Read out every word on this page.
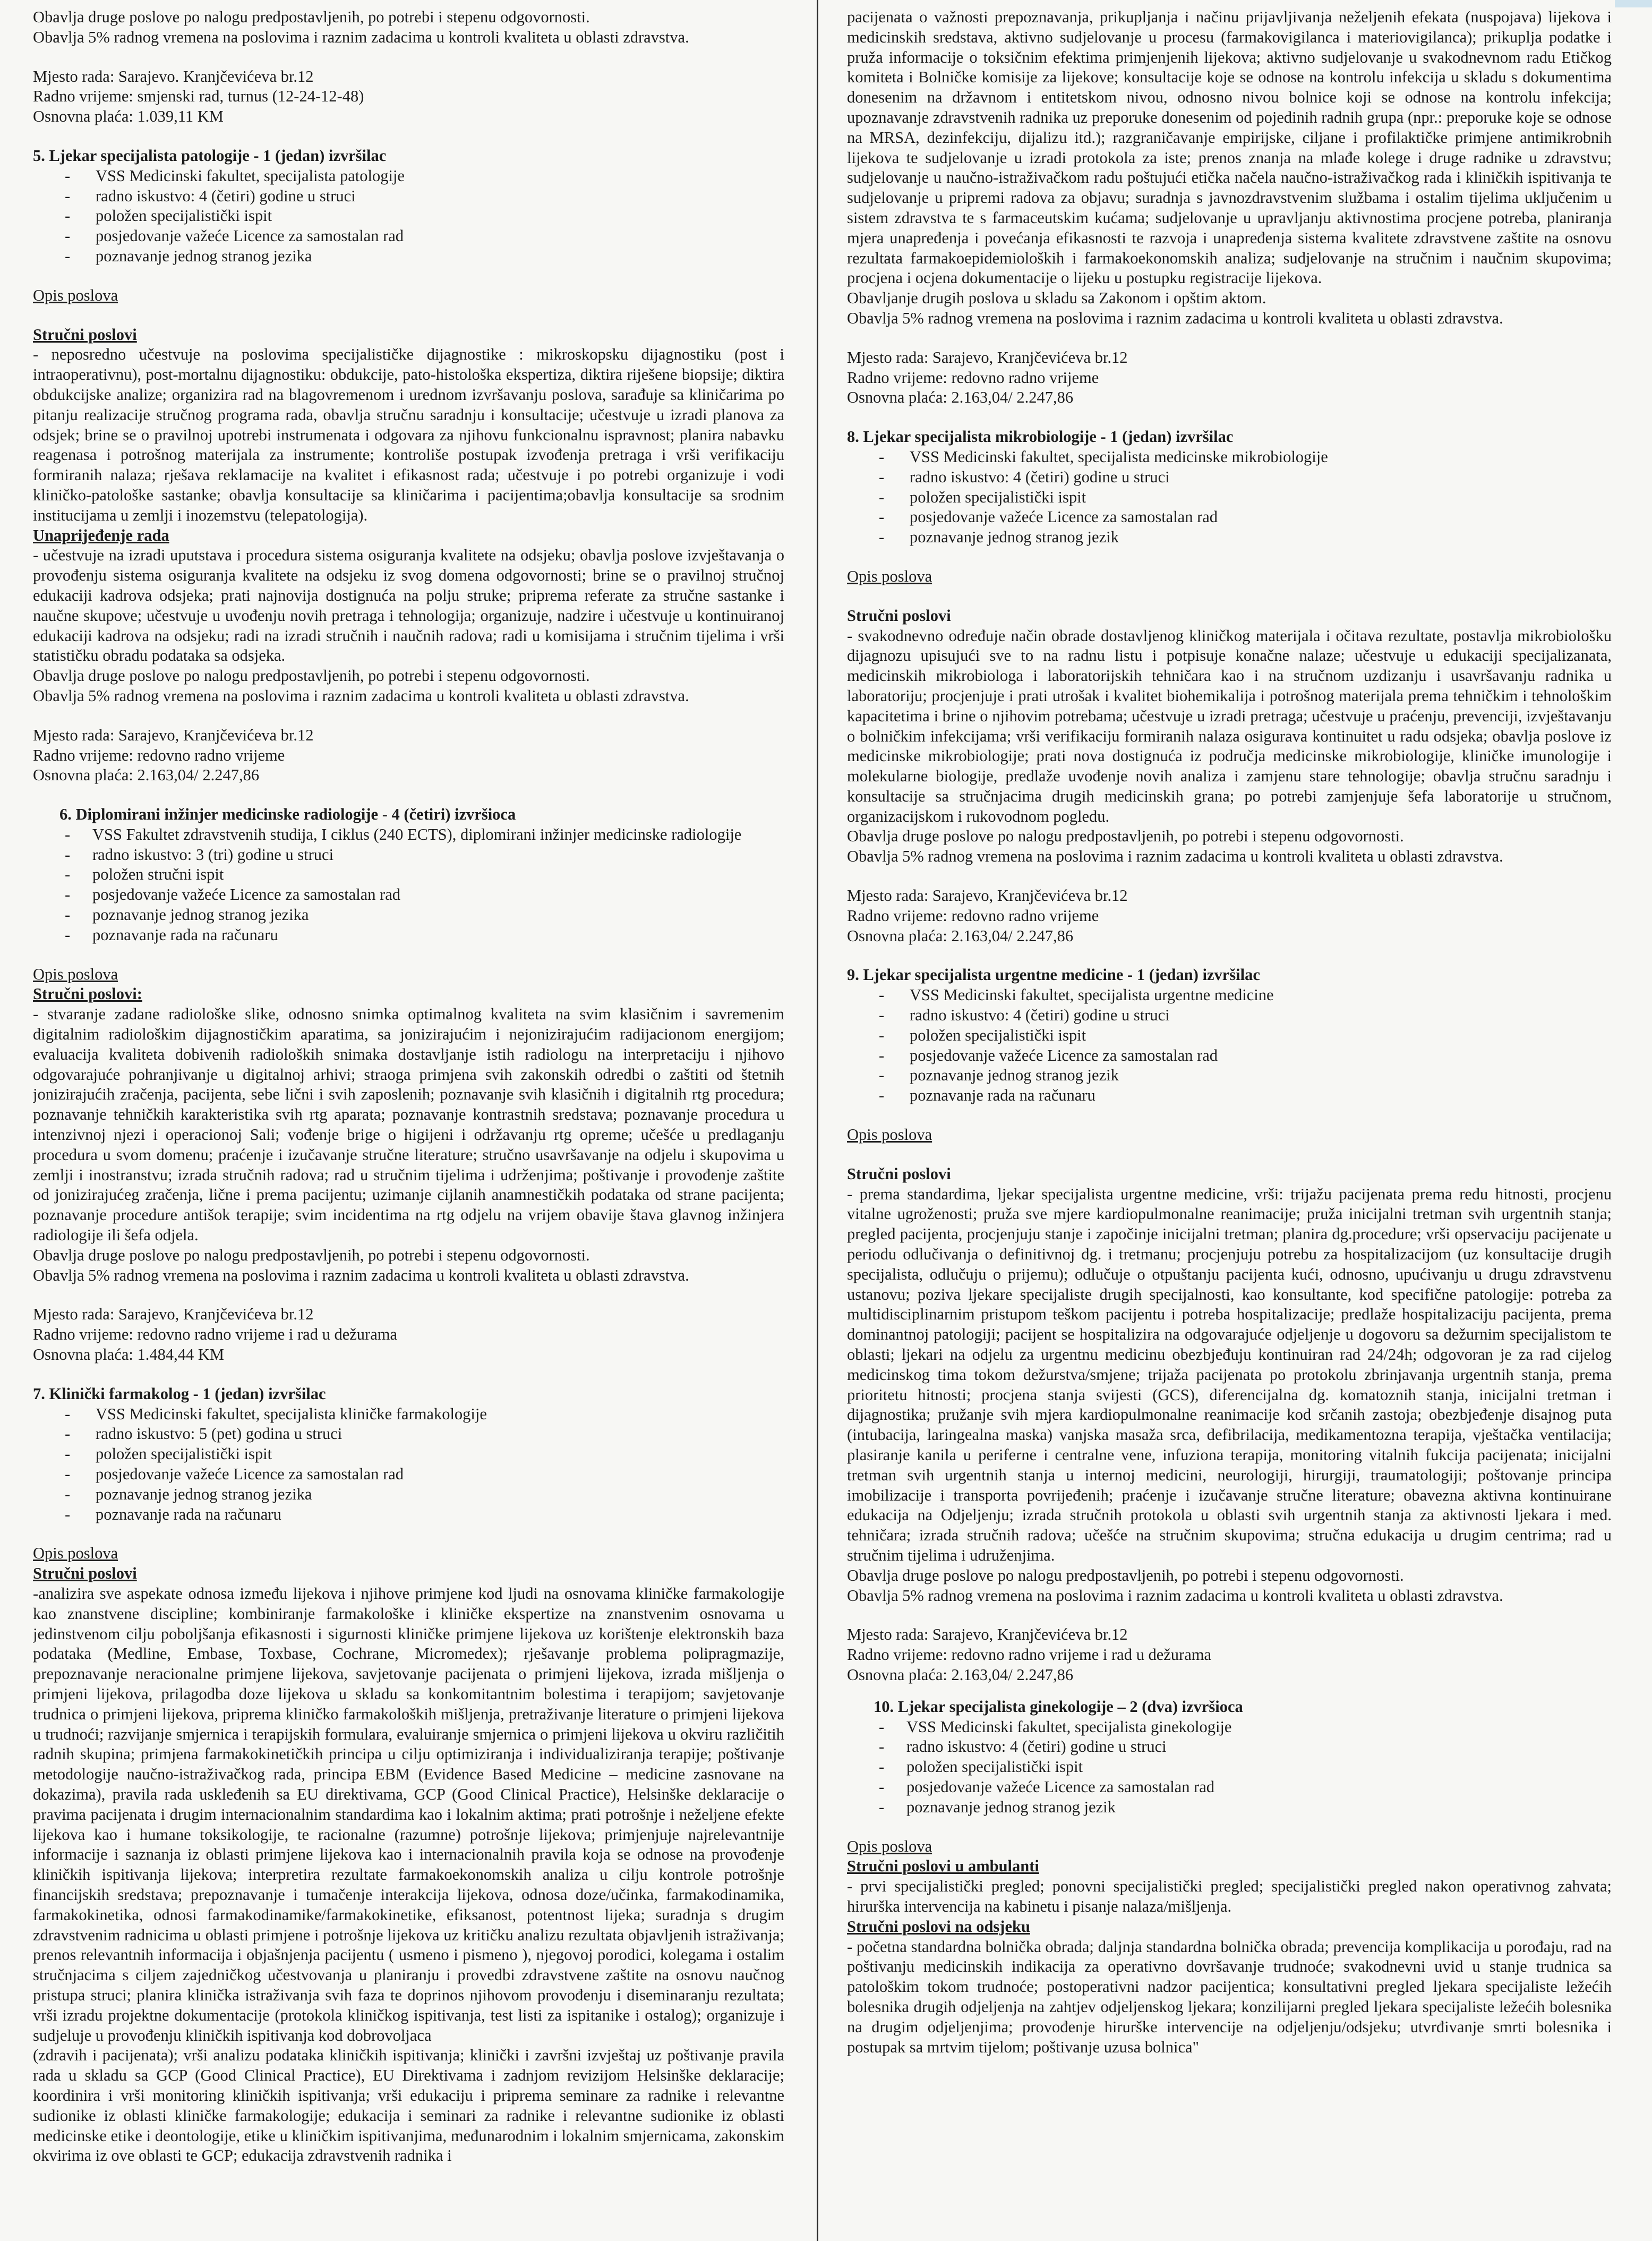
Obavlja druge poslove po nalogu predpostavljenih, po potrebi i stepenu odgovornosti.

Obavlja 5% radnog vremena na poslovima i raznim zadacima u kontroli kvaliteta u oblasti zdravstva.

Mjesto rada: Sarajevo. Kranjčevićeva br.12

Radno vrijeme: smjenski rad, turnus (12-24-12-48)

Osnovna plaća: 1.039,11 KM

5. Ljekar specijalista patologije - 1 (jedan) izvršilac

- VSS Medicinski fakultet, specijalista patologije
- radno iskustvo: 4 (četiri) godine u struci
- položen specijalistički ispit
- posjedovanje važeće Licence za samostalan rad
- poznavanje jednog stranog jezika

Opis poslova

Stručni poslovi

- neposredno učestvuje na poslovima specijalističke dijagnostike : mikroskopsku dijagnostiku (post i intraoperativnu), post-mortalnu dijagnostiku: obdukcije, pato-histološka ekspertiza, diktira riješene biopsije; diktira obdukcijske analize; organizira rad na blagovremenom i urednom izvršavanju poslova, sarađuje sa kliničarima po pitanju realizacije stručnog programa rada, obavlja stručnu saradnju i konsultacije; učestvuje u izradi planova za odsjek; brine se o pravilnoj upotrebi instrumenata i odgovara za njihovu funkcionalnu ispravnost; planira nabavku reagenasa i potrošnog materijala za instrumente; kontroliše postupak izvođenja pretraga i vrši verifikaciju formiranih nalaza; rješava reklamacije na kvalitet i efikasnost rada; učestvuje i po potrebi organizuje i vodi kliničko-patološke sastanke; obavlja konsultacije sa kliničarima i pacijentima;obavlja konsultacije sa srodnim institucijama u zemlji i inozemstvu (telepatologija).

Unapriјeđenje rada

- učestvuje na izradi uputstava i procedura sistema osiguranja kvalitete na odsjeku; obavlja poslove izvještavanja o provođenju sistema osiguranja kvalitete na odsjeku iz svog domena odgovornosti; brine se o pravilnoj stručnoj edukaciji kadrova odsjeka; prati najnovija dostignuća na polju struke; pripremа referate za stručne sastanke i naučne skupove; učestvuje u uvođenju novih pretraga i tehnologija; organizuje, nadzire i učestvuje u kontinuiranoj edukaciji kadrova na odsjeku; radi na izradi stručnih i naučnih radova; radi u komisijama i stručnim tijelima i vrši statističku obradu podataka sa odsjeka.

Obavlja druge poslove po nalogu predpostavljenih, po potrebi i stepenu odgovornosti.

Obavlja 5% radnog vremena na poslovima i raznim zadacima u kontroli kvaliteta u oblasti zdravstva.

Mjesto rada: Sarajevo, Kranjčevićeva br.12

Radno vrijeme: redovno radno vrijeme

Osnovna plaća: 2.163,04/ 2.247,86

6. Diplomirani inžinjer medicinske radiologije - 4 (četiri) izvršioca

- VSS Fakultet zdravstvenih studija, I ciklus (240 ECTS), diplomirani inžinjer medicinske radiologije
- radno iskustvo: 3 (tri) godine u struci
- položen stručni ispit
- posjedovanje važeće Licence za samostalan rad
- poznavanje jednog stranog jezika
- poznavanje rada na računaru

Opis poslova

Stručni poslovi:

- stvaranje zadane radiološke slike, odnosno snimka optimalnog kvaliteta na svim klasičnim i savremenim digitalnim radiološkim dijagnostičkim aparatima, sa jonizirajućim i nejonizirajućim radijacionom energijom; evaluacija kvaliteta dobivenih radioloških snimaka dostavljanje istih radiologu na interpretaciju i njihovo odgovarajuće pohranjivanje u digitalnoj arhivi; straoga primjena svih zakonskih odredbi o zaštiti od štetnih jonizirajućih zračenja, pacijenta, sebe lični i svih zaposlenih; poznavanje svih klasičnih i digitalnih rtg procedura; poznavanje tehničkih karakteristika svih rtg aparata; poznavanje kontrastnih sredstava; poznavanje procedura u intenzivnoj njezi i operacionoj Sali; vođenje brige o higijeni i održavanju rtg opreme; učešće u predlaganju procedura u svom domenu; praćenje i izučavanje stručne literature; stručno usavršavanje na odjelu i skupovima u zemlji i inostranstvu; izrada stručnih radova; rad u stručnim tijelima i udrženjima; poštivanje i provođenje zaštite od jonizirajućeg zračenja, lične i prema pacijentu; uzimanje cijlanih anamnestičkih podataka od strane pacijenta; poznavanje procedure antišok terapije; svim incidentima na rtg odjelu na vrijem obavije štava glavnog inžinjera radiologije ili šefa odjela.

Obavlja druge poslove po nalogu predpostavljenih, po potrebi i stepenu odgovornosti.

Obavlja 5% radnog vremena na poslovima i raznim zadacima u kontroli kvaliteta u oblasti zdravstva.

Mjesto rada: Sarajevo, Kranjčevićeva br.12

Radno vrijeme: redovno radno vrijeme i rad u dežurama

Osnovna plaća: 1.484,44 KM

7. Klinički farmakolog - 1 (jedan) izvršilac

- VSS Medicinski fakultet, specijalista kliničke farmakologije
- radno iskustvo: 5 (pet) godina u struci
- položen specijalistički ispit
- posjedovanje važeće Licence za samostalan rad
- poznavanje jednog stranog jezika
- poznavanje rada na računaru

Opis poslova

Stručni poslovi

-analizira sve aspekate odnosa između lijekova i njihove primjene kod ljudi na osnovama kliničke farmakologije kao znanstvene discipline; kombiniranje farmakološke i kliničke ekspertize na znanstvenim osnovama u jedinstvenom cilju poboljšanja efikasnosti i sigurnosti kliničke primjene lijekova uz korištenje elektronskih baza podataka (Medline, Embase, Toxbase, Cochrane, Micromedex); rješavanje problema polipragmazije, prepoznavanje neracionalne primjene lijekova, savjetovanje pacijenata o primjeni lijekova, izrada mišljenja o primjeni lijekova, prilagodba doze lijekova u skladu sa konkomitantnim bolestima i terapijom; savjetovanje trudnica o primjeni lijekova, priprema kliničko farmakoloških mišljenja, pretraživanje literature o primjeni lijekova u trudnoći; razvijanje smjernica i terapijskih formulara, evaluiranje smjernica o primjeni lijekova u okviru različitih radnih skupina; primjena farmakokinetičkih principa u cilju optimiziranja i individualiziranja terapije; poštivanje metodologije naučno-istraživačkog rada, principa EBM (Evidence Based Medicine – medicine zasnovane na dokazima), pravila rada uskleđenih sa EU direktivama, GCP (Good Clinical Practice), Helsinške deklaracije o pravima pacijenata i drugim internacionalnim standardima kao i lokalnim aktima; prati potrošnje i neželjene efekte lijekova kao i humane toksikologije, te racionalne (razumne) potrošnje lijekova; primjenjuje najrelevantnije informacije i saznanja iz oblasti primjene lijekova kao i internacionalnih pravila koja se odnose na provođenje kliničkih ispitivanja lijekova; interpretira rezultate farmakoekonomskih analiza u cilju kontrole potrošnje financijskih sredstava; prepoznavanje i tumačenje interakcija lijekova, odnosa doze/učinka, farmakodinamika, farmakokinetika, odnosi farmakodinamike/farmakokinetike, efiksanost, potentnost lijeka; suradnja s drugim zdravstvenim radnicima u oblasti primjene i potrošnje lijekova uz kritičku analizu rezultata objavljenih istraživanja; prenos relevantnih informacija i objašnjenja pacijentu ( usmeno i pismeno ), njegovoj porodici, kolegama i ostalim stručnjacima s ciljem zajedničkog učestvovanja u planiranju i provedbi zdravstvene zaštite na osnovu naučnog pristupa struci; planira klinička istraživanja svih faza te doprinos njihovom provođenju i diseminaranju rezultata; vrši izradu projektne dokumentacije (protokola kliničkog ispitivanja, test listi za ispitanike i ostalog); organizuje i sudjeluje u provođenju kliničkih ispitivanja kod dobrovoljaca

(zdravih i pacijenata); vrši analizu podataka kliničkih ispitivanja; klinički i završni izvještaj uz poštivanje pravila rada u skladu sa GCP (Good Clinical Practice), EU Direktivama i zadnjom revizijom Helsinške deklaracije; koordinira i vrši monitoring kliničkih ispitivanja; vrši edukaciju i priprema seminare za radnike i relevantne sudionike iz oblasti kliničke farmakologije; edukacija i seminari za radnike i relevantne sudionike iz oblasti medicinske etike i deontologije, etike u kliničkim ispitivanjima, međunarodnim i lokalnim smjernicama, zakonskim okvirima iz ove oblasti te GCP; edukacija zdravstvenih radnika i

pacijenata o važnosti prepoznavanja, prikupljanja i načinu prijavljivanja neželjenih efekata (nuspojava) lijekova i medicinskih sredstava, aktivno sudjelovanje u procesu (farmakovigilanca i materiovigilanca); prikuplja podatke i pruža informacije o toksičnim efektima primjenjenih lijekova; aktivno sudjelovanje u svakodnevnom radu Etičkog komiteta i Bolničke komisije za lijekove; konsultacije koje se odnose na kontrolu infekcija u skladu s dokumentima donesenim na državnom i entitetskom nivou, odnosno nivou bolnice koji se odnose na kontrolu infekcija; upoznavanje zdravstvenih radnika uz preporuke donesenim od pojedinih radnih grupa (npr.: preporuke koje se odnose na MRSA, dezinfekciju, dijalizu itd.); razgraničavanje empirijske, ciljane i profilaktičke primjene antimikrobnih lijekova te sudjelovanje u izradi protokola za iste; prenos znanja na mlađe kolege i druge radnike u zdravstvu; sudjelovanje u naučno-istraživačkom radu poštujući etička načela naučno-istraživačkog rada i kliničkih ispitivanja te sudjelovanje u pripremi radova za objavu; suradnja s javnozdravstvenim službama i ostalim tijelima uključenim u sistem zdravstva te s farmaceutskim kućama; sudjelovanje u upravljanju aktivnostima procjene potreba, planiranja mjera unapređenja i povećanja efikasnosti te razvoja i unapređenja sistema kvalitete zdravstvene zaštite na osnovu rezultata farmakoepidemioloških i farmakoekonomskih analiza; sudjelovanje na stručnim i naučnim skupovima; procjena i ocjena dokumentacije o lijeku u postupku registracije lijekova.

Obavljanje drugih poslova u skladu sa Zakonom i opštim aktom.

Obavlja 5% radnog vremena na poslovima i raznim zadacima u kontroli kvaliteta u oblasti zdravstva.

Mjesto rada: Sarajevo, Kranjčevićeva br.12

Radno vrijeme: redovno radno vrijeme

Osnovna plaća: 2.163,04/ 2.247,86

8. Ljekar specijalista mikrobiologije - 1 (jedan) izvršilac

- VSS Medicinski fakultet, specijalista medicinske mikrobiologije
- radno iskustvo: 4 (četiri) godine u struci
- položen specijalistički ispit
- posjedovanje važeće Licence za samostalan rad
- poznavanje jednog stranog jezik

Opis poslova

Stručni poslovi

- svakodnevno određuje način obrade dostavljenog kliničkog materijala i očitava rezultate, postavlja mikrobiološku dijagnozu upisujući sve to na radnu listu i potpisuje konačne nalaze; učestvuje u edukaciji specijalizanata, medicinskih mikrobiologa i laboratorijskih tehničara kao i na stručnom uzdizanju i usavršavanju radnika u laboratoriju; procjenjuje i prati utrošak i kvalitet biohemikalija i potrošnog materijala prema tehničkim i tehnološkim kapacitetima i brine o njihovim potrebama; učestvuje u izradi pretraga; učestvuje u praćenju, prevenciji, izvještavanju o bolničkim infekcijama; vrši verifikaciju formiranih nalaza osiguravа kontinuitet u radu odsjeka; obavlja poslove iz medicinske mikrobiologije; prati nova dostignuća iz područja medicinske mikrobiologije, kliničke imunologije i molekularne biologije, predlaže uvođenje novih analiza i zamjenu stare tehnologije; obavlja stručnu saradnju i konsultacije sa stručnjacima drugih medicinskih grana; po potrebi zamjenjuje šefa laboratorije u stručnom, organizacijskom i rukovodnom pogledu.

Obavlja druge poslove po nalogu predpostavljenih, po potrebi i stepenu odgovornosti.

Obavlja 5% radnog vremena na poslovima i raznim zadacima u kontroli kvaliteta u oblasti zdravstva.

Mjesto rada: Sarajevo, Kranjčevićeva br.12

Radno vrijeme: redovno radno vrijeme

Osnovna plaća: 2.163,04/ 2.247,86

9. Ljekar specijalista urgentne medicine - 1 (jedan) izvršilac

- VSS Medicinski fakultet, specijalista urgentne medicine
- radno iskustvo: 4 (četiri) godine u struci
- položen specijalistički ispit
- posjedovanje važeće Licence za samostalan rad
- poznavanje jednog stranog jezik
- poznavanje rada na računaru

Opis poslova

Stručni poslovi

- prema standardima, ljekar specijalista urgentne medicine, vrši: trijažu pacijenata prema redu hitnosti, procjenu vitalne ugroženosti; pruža sve mjere kardiopulmonalne reanimacije; pruža inicijalni tretman svih urgentnih stanja; pregled pacijenta, procjenjuju stanje i započinje inicijalni tretman; planira dg.procedure; vrši opservaciju pacijenate u periodu odlučivanja o definitivnoj dg. i tretmanu; procjenjuju potrebu za hospitalizacijom (uz konsultacije drugih specijalista, odlučuju o prijemu); odlučuje o otpuštanju pacijenta kući, odnosno, upućivanju u drugu zdravstvenu ustanovu; poziva ljekare specijaliste drugih specijalnosti, kao konsultante, kod specifične patologije: potreba za multidisciplinarnim pristupom teškom pacijentu i potreba hospitalizacije; predlaže hospitalizaciju pacijenta, prema dominantnoj patologiji; pacijent se hospitalizira na odgovarajuće odjeljenje u dogovoru sa dežurnim specijalistom te oblasti; ljekari na odjelu za urgentnu medicinu obezbjeđuju kontinuiran rad 24/24h; odgovoran je za rad cijelog medicinskog tima tokom dežurstva/smjene; trijaža pacijenata po protokolu zbrinjavanja urgentnih stanja, prema prioritetu hitnosti; procjena stanja svijesti (GCS), diferencijalna dg. komatoznih stanja, inicijalni tretman i dijagnostika; pružanje svih mjera kardiopulmonalne reanimacije kod srčanih zastoja; obezbjeđenje disajnog puta (intubacija, laringealna maska) vanjska masaža srca, defibrilacija, medikamentozna terapija, vještačka ventilacija; plasiranje kanila u periferne i centralne vene, infuziona terapija, monitoring vitalnih fukcija pacijenata; inicijalni tretman svih urgentnih stanja u internoj medicini, neurologiji, hirurgiji, traumatologiji; poštovanje principa imobilizacije i transporta povrijeđenih; praćenje i izučavanje stručne literature; obavezna aktivna kontinuirane edukacija na Odjeljenju; izrada stručnih protokola u oblasti svih urgentnih stanja za aktivnosti ljekara i med. tehničara; izrada stručnih radova; učešće na stručnim skupovima; stručna edukacija u drugim centrima; rad u stručnim tijelima i udruženjima.

Obavlja druge poslove po nalogu predpostavljenih, po potrebi i stepenu odgovornosti.

Obavlja 5% radnog vremena na poslovima i raznim zadacima u kontroli kvaliteta u oblasti zdravstva.

Mjesto rada: Sarajevo, Kranjčevićeva br.12

Radno vrijeme: redovno radno vrijeme i rad u dežurama

Osnovna plaća: 2.163,04/ 2.247,86

10. Ljekar specijalista ginekologije – 2 (dva) izvršioca

- VSS Medicinski fakultet, specijalista ginekologije
- radno iskustvo: 4 (četiri) godine u struci
- položen specijalistički ispit
- posjedovanje važeće Licence za samostalan rad
- poznavanje jednog stranog jezik

Opis poslova

Stručni poslovi u ambulanti

- prvi specijalistički pregled; ponovni specijalistički pregled; specijalistički pregled nakon operativnog zahvata; hirurška intervencija na kabinetu i pisanje nalaza/mišljenja.

Stručni poslovi na odsjeku

- početna standardna bolnička obrada; daljnja standardna bolnička obrada; prevencija komplikacija u porođaju, rad na poštivanju medicinskih indikacija za operativno dovršavanje trudnoće; svakodnevni uvid u stanje trudnica sa patološkim tokom trudnoće; postoperativni nadzor pacijentica; konsultativni pregled ljekara specijaliste ležećih bolesnika drugih odjeljenja na zahtjev odjeljenskog ljekara; konzilijarni pregled ljekara specijaliste ležećih bolesnika na drugim odjeljenjima; provođenje hirurške intervencije na odjeljenju/odsjeku; utvrđivanje smrti bolesnika i postupak sa mrtvim tijelom; poštivanje uzusa bolnica"
